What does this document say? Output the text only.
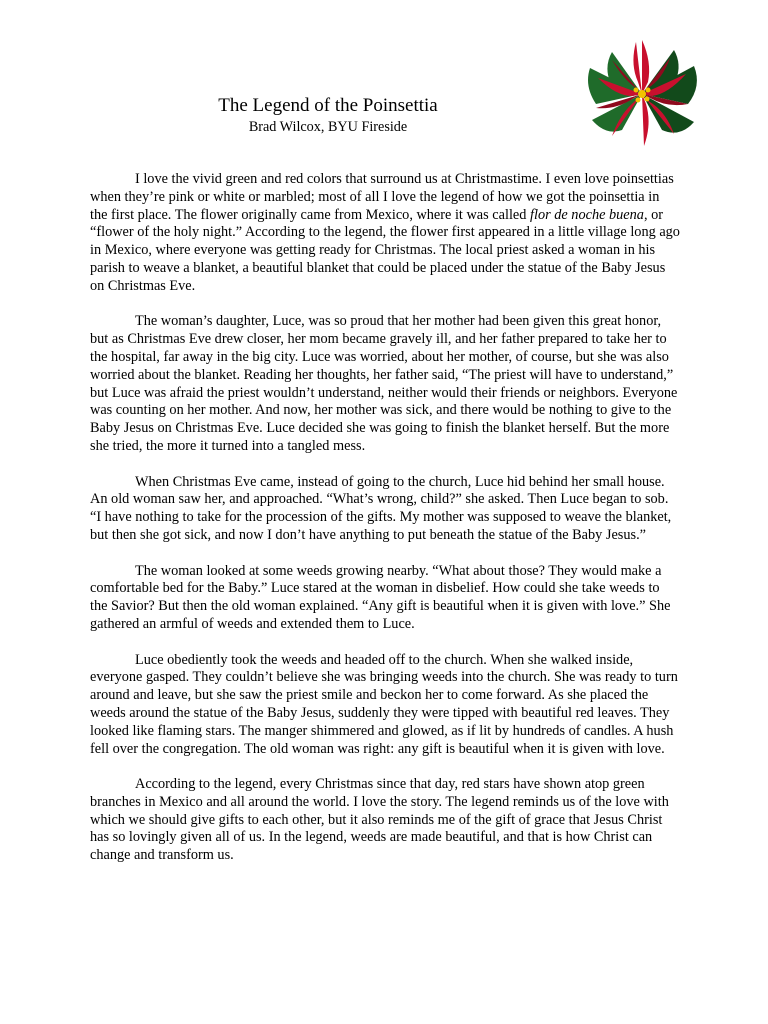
The Legend of the Poinsettia
Brad Wilcox, BYU Fireside

I love the vivid green and red colors that surround us at Christmastime. I even love poinsettias when they’re pink or white or marbled; most of all I love the legend of how we got the poinsettia in the first place. The flower originally came from Mexico, where it was called flor de noche buena, or “flower of the holy night.” According to the legend, the flower first appeared in a little village long ago in Mexico, where everyone was getting ready for Christmas. The local priest asked a woman in his parish to weave a blanket, a beautiful blanket that could be placed under the statue of the Baby Jesus on Christmas Eve.

The woman’s daughter, Luce, was so proud that her mother had been given this great honor, but as Christmas Eve drew closer, her mom became gravely ill, and her father prepared to take her to the hospital, far away in the big city. Luce was worried, about her mother, of course, but she was also worried about the blanket. Reading her thoughts, her father said, “The priest will have to understand,” but Luce was afraid the priest wouldn’t understand, neither would their friends or neighbors. Everyone was counting on her mother. And now, her mother was sick, and there would be nothing to give to the Baby Jesus on Christmas Eve. Luce decided she was going to finish the blanket herself. But the more she tried, the more it turned into a tangled mess.

When Christmas Eve came, instead of going to the church, Luce hid behind her small house. An old woman saw her, and approached. “What’s wrong, child?” she asked. Then Luce began to sob. “I have nothing to take for the procession of the gifts. My mother was supposed to weave the blanket, but then she got sick, and now I don’t have anything to put beneath the statue of the Baby Jesus.”

The woman looked at some weeds growing nearby. “What about those? They would make a comfortable bed for the Baby.” Luce stared at the woman in disbelief. How could she take weeds to the Savior? But then the old woman explained. “Any gift is beautiful when it is given with love.” She gathered an armful of weeds and extended them to Luce.

Luce obediently took the weeds and headed off to the church. When she walked inside, everyone gasped. They couldn’t believe she was bringing weeds into the church. She was ready to turn around and leave, but she saw the priest smile and beckon her to come forward. As she placed the weeds around the statue of the Baby Jesus, suddenly they were tipped with beautiful red leaves. They looked like flaming stars. The manger shimmered and glowed, as if lit by hundreds of candles. A hush fell over the congregation. The old woman was right: any gift is beautiful when it is given with love.

According to the legend, every Christmas since that day, red stars have shown atop green branches in Mexico and all around the world. I love the story. The legend reminds us of the love with which we should give gifts to each other, but it also reminds me of the gift of grace that Jesus Christ has so lovingly given all of us. In the legend, weeds are made beautiful, and that is how Christ can change and transform us.
